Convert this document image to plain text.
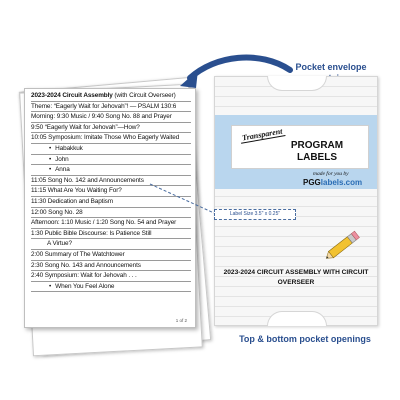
2023-2024 Circuit Assembly (with Circuit Overseer)
Theme: “Eagerly Wait for Jehovah”! — PSALM 130:6
Morning: 9:30 Music / 9:40 Song No. 88 and Prayer
9:50 “Eagerly Wait for Jehovah”—How?
10:05 Symposium: Imitate Those Who Eagerly Waited
• Habakkuk
• John
• Anna
11:05 Song No. 142 and Announcements
11:15 What Are You Waiting For?
11:30 Dedication and Baptism
12:00 Song No. 28
Afternoon: 1:10 Music / 1:20 Song No. 54 and Prayer
1:30 Public Bible Discourse: Is Patience Still
A Virtue?
2:00 Summary of The Watchtower
2:30 Song No. 143 and Announcements
2:40 Symposium: Wait for Jehovah . . .
• When You Feel Alone
1 of 2
Pocket envelope
Transparent
PROGRAM LABELS
made for you by
PGGlabels.com
Label Size 3.5" x 0.25"
2023-2024 CIRCUIT ASSEMBLY WITH CIRCUIT OVERSEER
Top & bottom pocket openings
